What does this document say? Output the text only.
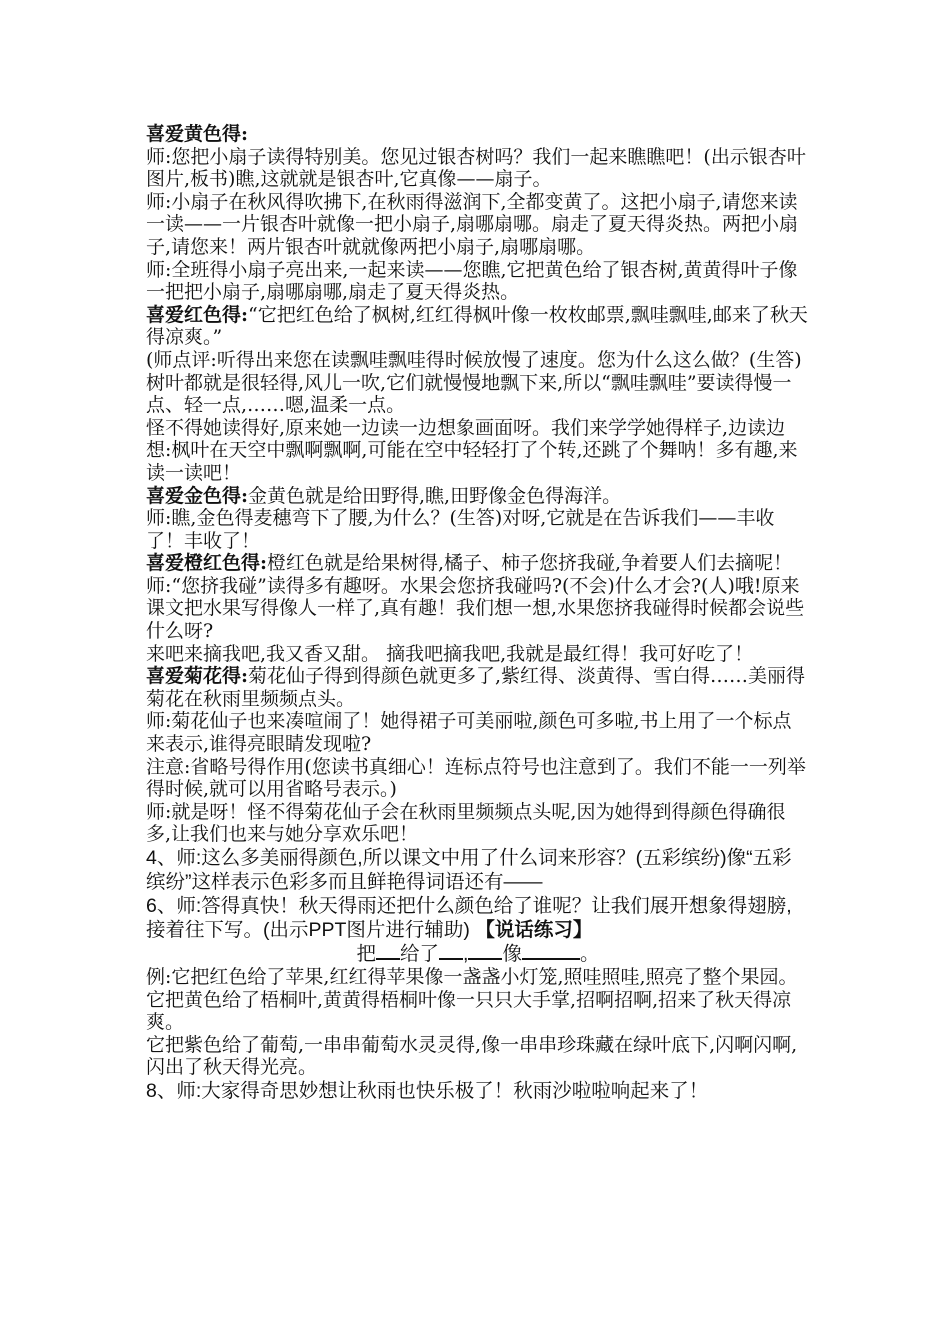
喜爱黄色得:

师:您把小扇子读得特别美。您见过银杏树吗？我们一起来瞧瞧吧！(出示银杏叶图片,板书)瞧,这就就是银杏叶,它真像——扇子。

师:小扇子在秋风得吹拂下,在秋雨得滋润下,全都变黄了。这把小扇子,请您来读一读——一片银杏叶就像一把小扇子,扇哪扇哪。扇走了夏天得炎热。两把小扇子,请您来！两片银杏叶就就像两把小扇子,扇哪扇哪。

师:全班得小扇子亮出来,一起来读——您瞧,它把黄色给了银杏树,黄黄得叶子像一把把小扇子,扇哪扇哪,扇走了夏天得炎热。

喜爱红色得:“它把红色给了枫树,红红得枫叶像一枚枚邮票,飘哇飘哇,邮来了秋天得凉爽。”

(师点评:听得出来您在读飘哇飘哇得时候放慢了速度。您为什么这么做？(生答)树叶都就是很轻得,风儿一吹,它们就慢慢地飘下来,所以“飘哇飘哇”要读得慢一点、轻一点,……嗯,温柔一点。

怪不得她读得好,原来她一边读一边想象画面呀。我们来学学她得样子,边读边想:枫叶在天空中飘啊飘啊,可能在空中轻轻打了个转,还跳了个舞呐！多有趣,来读一读吧！

喜爱金色得:金黄色就是给田野得,瞧,田野像金色得海洋。

师:瞧,金色得麦穗弯下了腰,为什么？(生答)对呀,它就是在告诉我们——丰收了！丰收了！

喜爱橙红色得:橙红色就是给果树得,橘子、柿子您挤我碰,争着要人们去摘呢！

师:“您挤我碰”读得多有趣呀。水果会您挤我碰吗?(不会)什么才会?(人)哦!原来课文把水果写得像人一样了,真有趣！我们想一想,水果您挤我碰得时候都会说些什么呀?

来吧来摘我吧,我又香又甜。 摘我吧摘我吧,我就是最红得！我可好吃了！

喜爱菊花得:菊花仙子得到得颜色就更多了,紫红得、淡黄得、雪白得……美丽得菊花在秋雨里频频点头。

师:菊花仙子也来凑喧闹了！她得裙子可美丽啦,颜色可多啦,书上用了一个标点来表示,谁得亮眼睛发现啦?

注意:省略号得作用(您读书真细心！连标点符号也注意到了。我们不能一一列举得时候,就可以用省略号表示。)

师:就是呀！怪不得菊花仙子会在秋雨里频频点头呢,因为她得到得颜色得确很多,让我们也来与她分享欢乐吧！

4、师:这么多美丽得颜色,所以课文中用了什么词来形容？(五彩缤纷)像“五彩缤纷”这样表示色彩多而且鲜艳得词语还有——

6、师:答得真快！秋天得雨还把什么颜色给了谁呢？让我们展开想象得翅膀,接着往下写。(出示PPT图片进行辅助) 【说话练习】

把 给了 , 像	。

例:它把红色给了苹果,红红得苹果像一盏盏小灯笼,照哇照哇,照亮了整个果园。

它把黄色给了梧桐叶,黄黄得梧桐叶像一只只大手掌,招啊招啊,招来了秋天得凉爽。

它把紫色给了葡萄,一串串葡萄水灵灵得,像一串串珍珠藏在绿叶底下,闪啊闪啊,闪出了秋天得光亮。

8、师:大家得奇思妙想让秋雨也快乐极了！秋雨沙啦啦响起来了！
